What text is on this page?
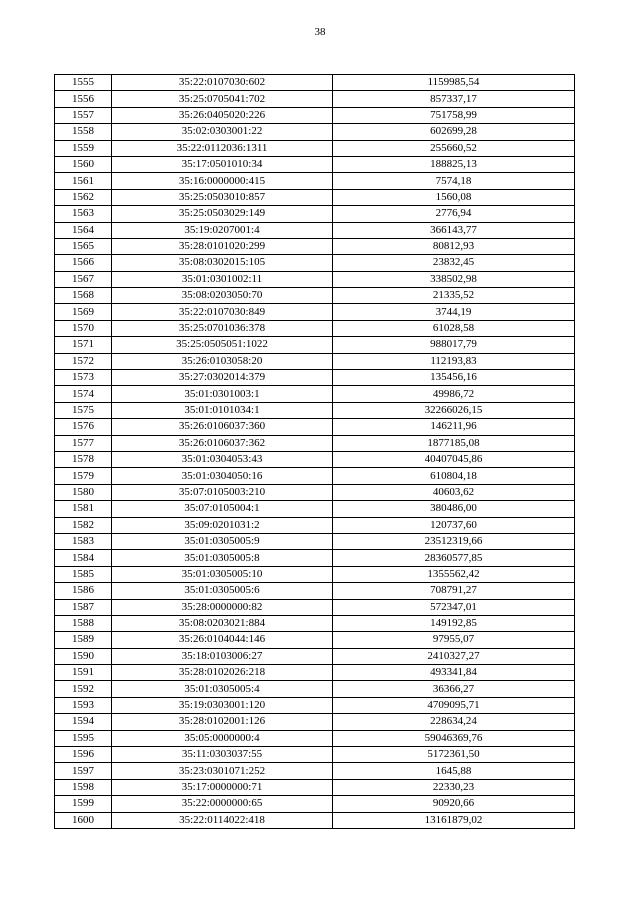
38
1555	35:22:0107030:602	1159985,54
1556	35:25:0705041:702	857337,17
1557	35:26:0405020:226	751758,99
1558	35:02:0303001:22	602699,28
1559	35:22:0112036:1311	255660,52
1560	35:17:0501010:34	188825,13
1561	35:16:0000000:415	7574,18
1562	35:25:0503010:857	1560,08
1563	35:25:0503029:149	2776,94
1564	35:19:0207001:4	366143,77
1565	35:28:0101020:299	80812,93
1566	35:08:0302015:105	23832,45
1567	35:01:0301002:11	338502,98
1568	35:08:0203050:70	21335,52
1569	35:22:0107030:849	3744,19
1570	35:25:0701036:378	61028,58
1571	35:25:0505051:1022	988017,79
1572	35:26:0103058:20	112193,83
1573	35:27:0302014:379	135456,16
1574	35:01:0301003:1	49986,72
1575	35:01:0101034:1	32266026,15
1576	35:26:0106037:360	146211,96
1577	35:26:0106037:362	1877185,08
1578	35:01:0304053:43	40407045,86
1579	35:01:0304050:16	610804,18
1580	35:07:0105003:210	40603,62
1581	35:07:0105004:1	380486,00
1582	35:09:0201031:2	120737,60
1583	35:01:0305005:9	23512319,66
1584	35:01:0305005:8	28360577,85
1585	35:01:0305005:10	1355562,42
1586	35:01:0305005:6	708791,27
1587	35:28:0000000:82	572347,01
1588	35:08:0203021:884	149192,85
1589	35:26:0104044:146	97955,07
1590	35:18:0103006:27	2410327,27
1591	35:28:0102026:218	493341,84
1592	35:01:0305005:4	36366,27
1593	35:19:0303001:120	4709095,71
1594	35:28:0102001:126	228634,24
1595	35:05:0000000:4	59046369,76
1596	35:11:0303037:55	5172361,50
1597	35:23:0301071:252	1645,88
1598	35:17:0000000:71	22330,23
1599	35:22:0000000:65	90920,66
1600	35:22:0114022:418	13161879,02
